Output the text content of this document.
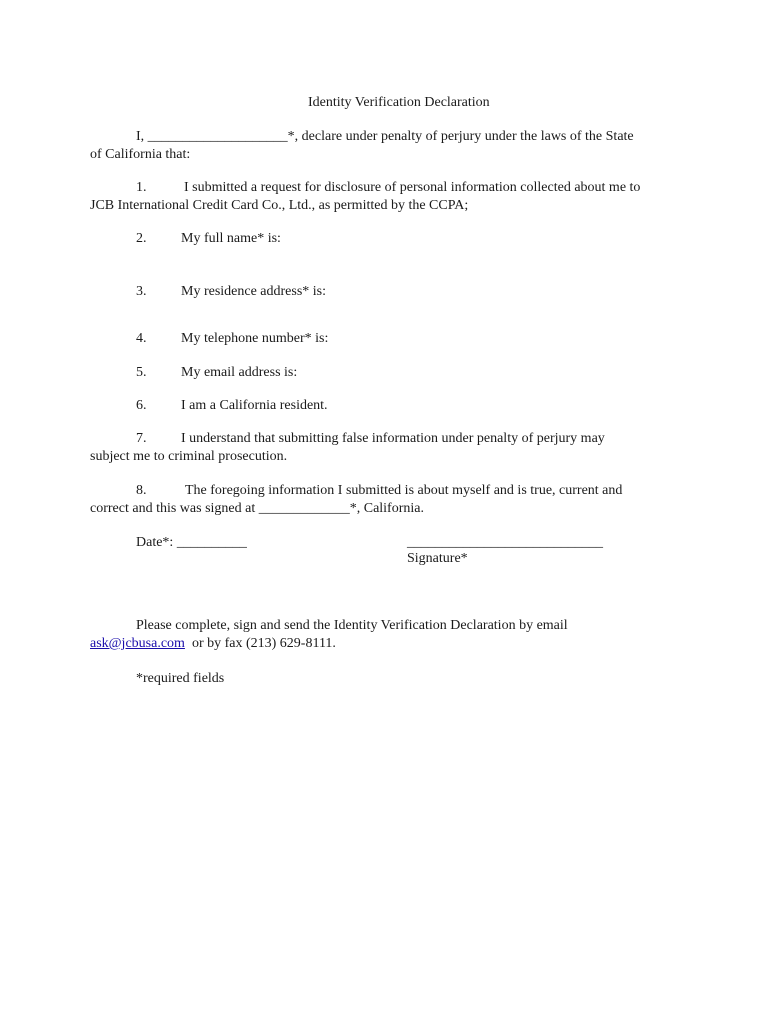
Identity Verification Declaration
I, ____________________*, declare under penalty of perjury under the laws of the State
of California that:
1.	I submitted a request for disclosure of personal information collected about me to
JCB International Credit Card Co., Ltd., as permitted by the CCPA;
2. My full name* is:
3. My residence address* is:
4. My telephone number* is:
5. My email address is:
6. I am a California resident.
7. I understand that submitting false information under penalty of perjury may
subject me to criminal prosecution.
8.	The foregoing information I submitted is about myself and is true, current and
correct and this was signed at _____________*, California.
Date*: __________	____________________________
Signature*
Please complete, sign and send the Identity Verification Declaration by email
ask@jcbusa.com  or by fax (213) 629-8111.
*required fields
